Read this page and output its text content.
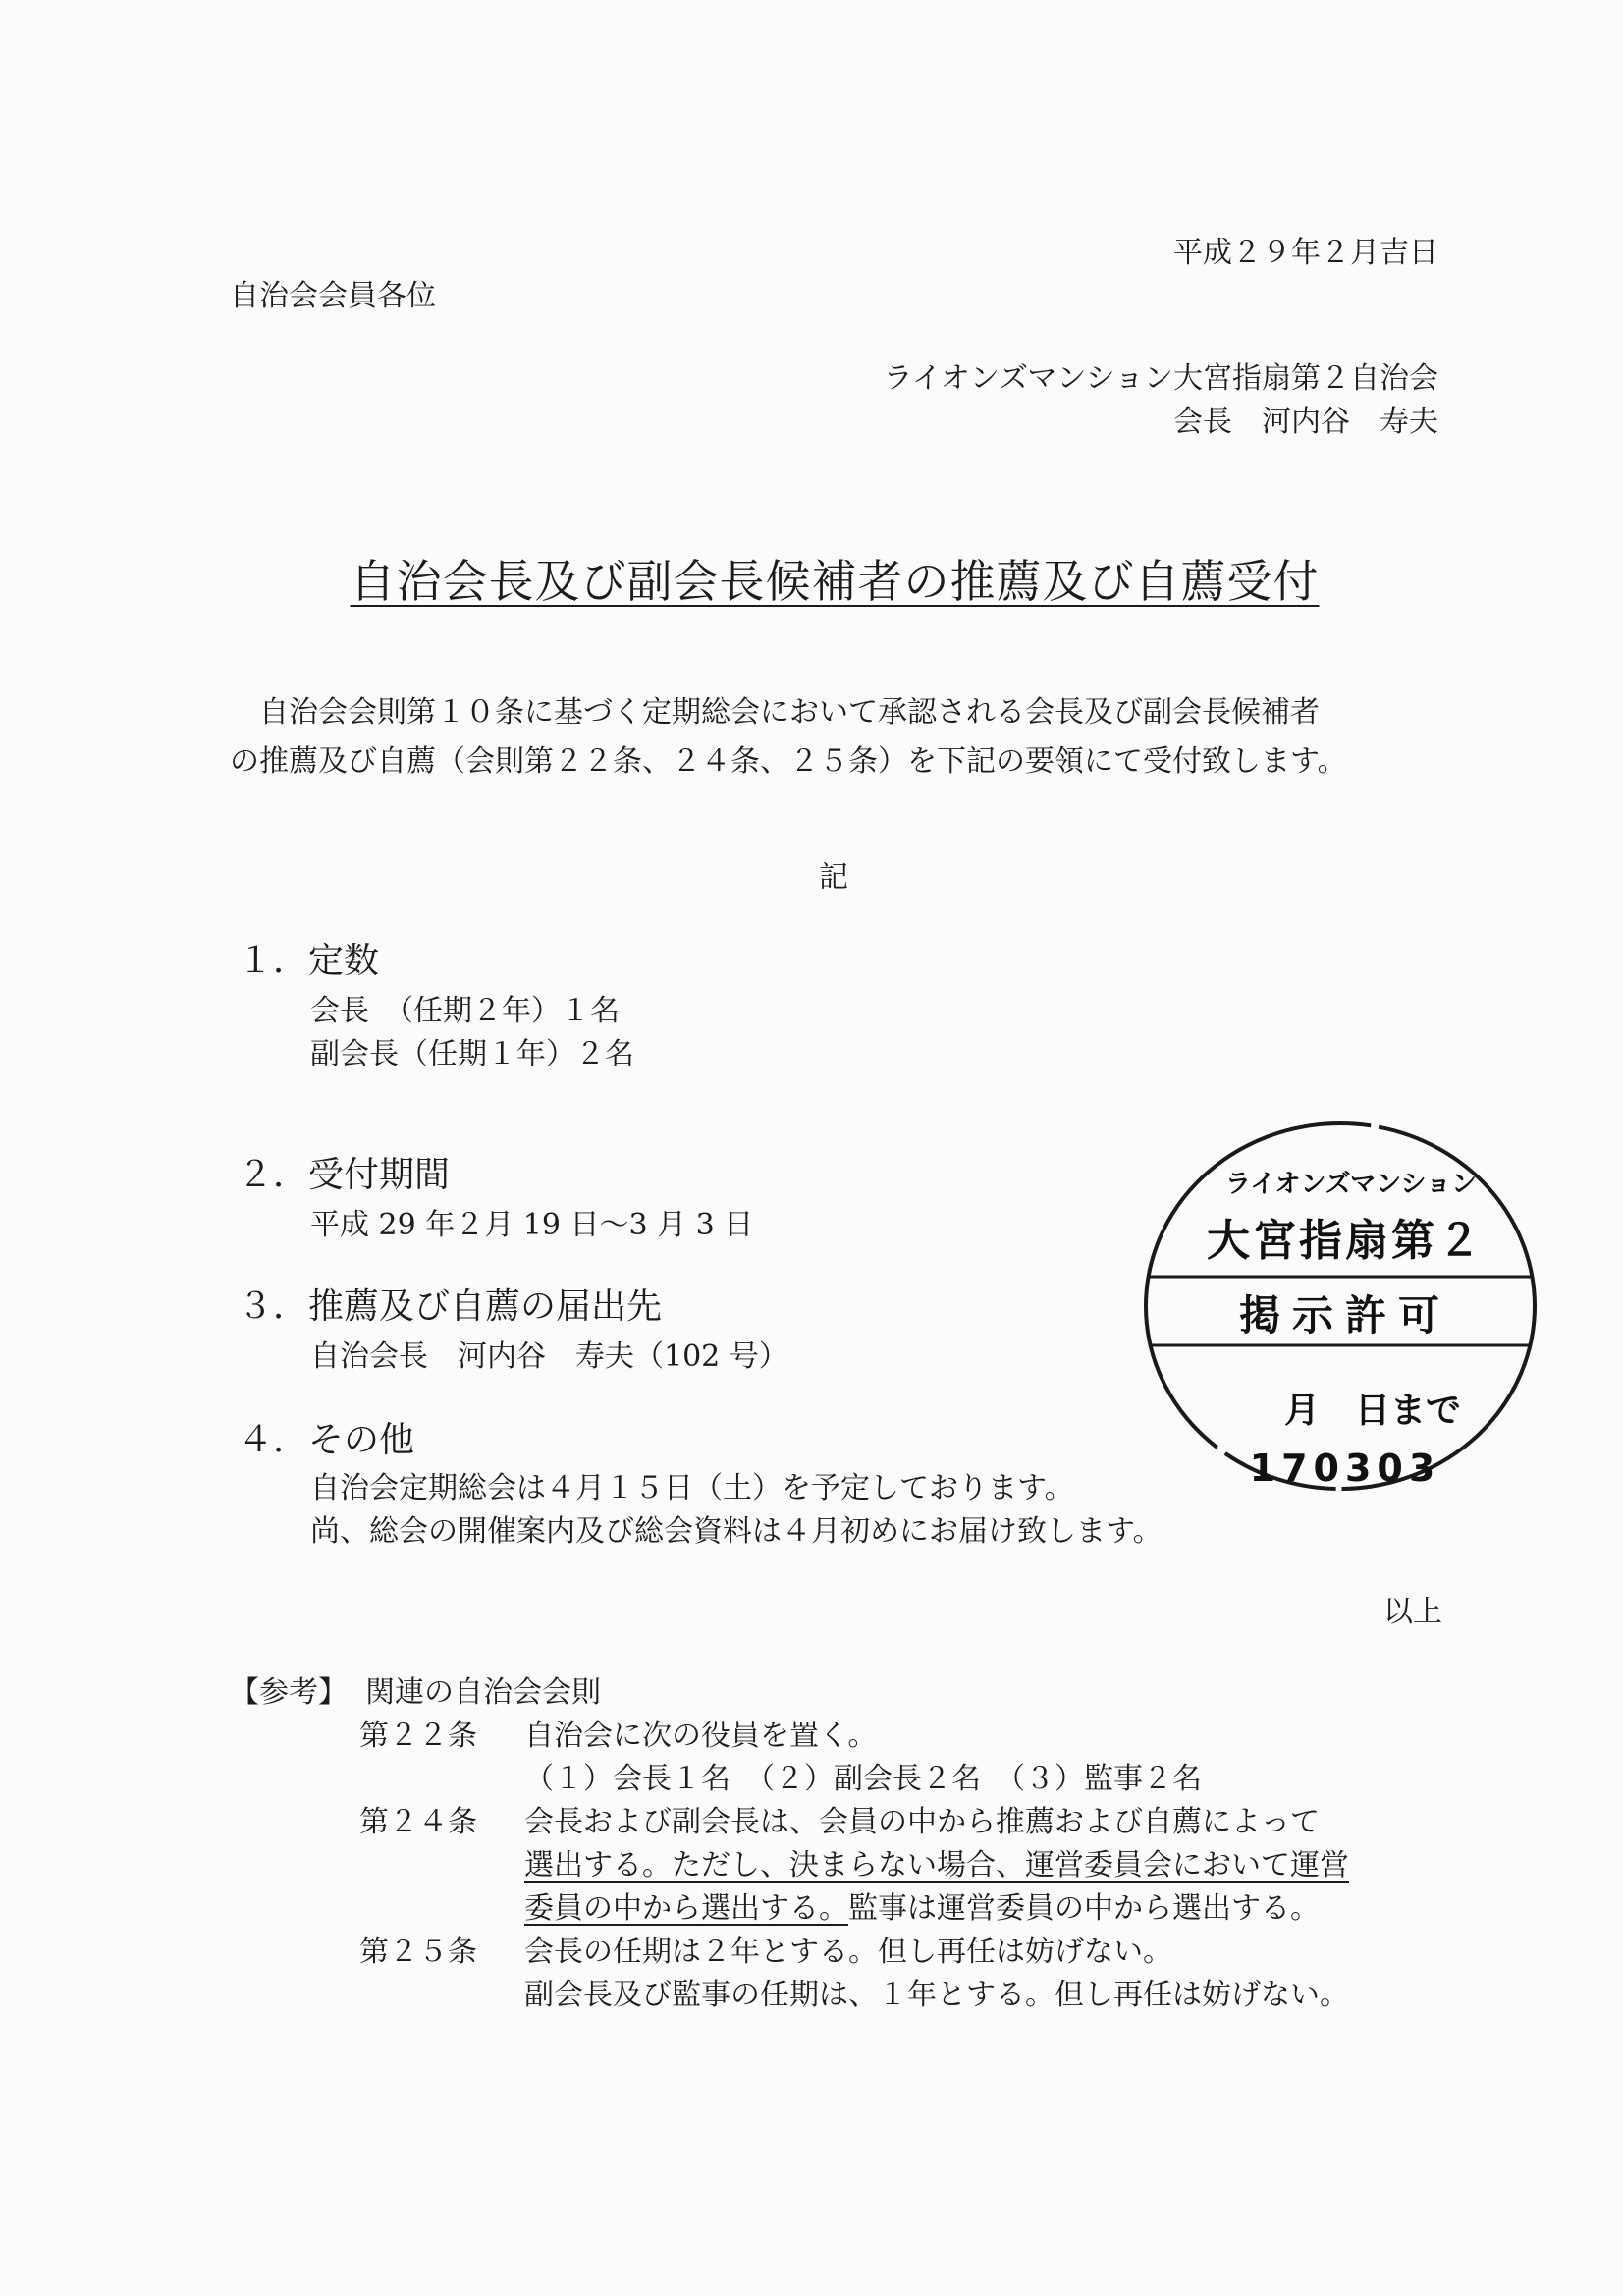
平成２９年２月吉日
自治会会員各位
ライオンズマンション大宮指扇第２自治会
会長　河内谷　寿夫
自治会長及び副会長候補者の推薦及び自薦受付
自治会会則第１０条に基づく定期総会において承認される会長及び副会長候補者
の推薦及び自薦（会則第２２条、２４条、２５条）を下記の要領にて受付致します。
記
１．定数
会長　（任期２年）１名
副会長（任期１年）２名
２．受付期間
平成 29 年２月 19 日～3 月 3 日
３．推薦及び自薦の届出先
自治会長　河内谷　寿夫（102 号）
４．その他
自治会定期総会は４月１５日（土）を予定しております。
尚、総会の開催案内及び総会資料は４月初めにお届け致します。
以上
【参考】 関連の自治会会則
第２２条 自治会に次の役員を置く。
（１）会長１名　（２）副会長２名　（３）監事２名
第２４条 会長および副会長は、会員の中から推薦および自薦によって
選出する。ただし、決まらない場合、運営委員会において運営
委員の中から選出する。監事は運営委員の中から選出する。
第２５条 会長の任期は２年とする。但し再任は妨げない。
副会長及び監事の任期は、１年とする。但し再任は妨げない。
ライオンズマンション
大宮指扇第２
掲示許可
月　日まで
170303
